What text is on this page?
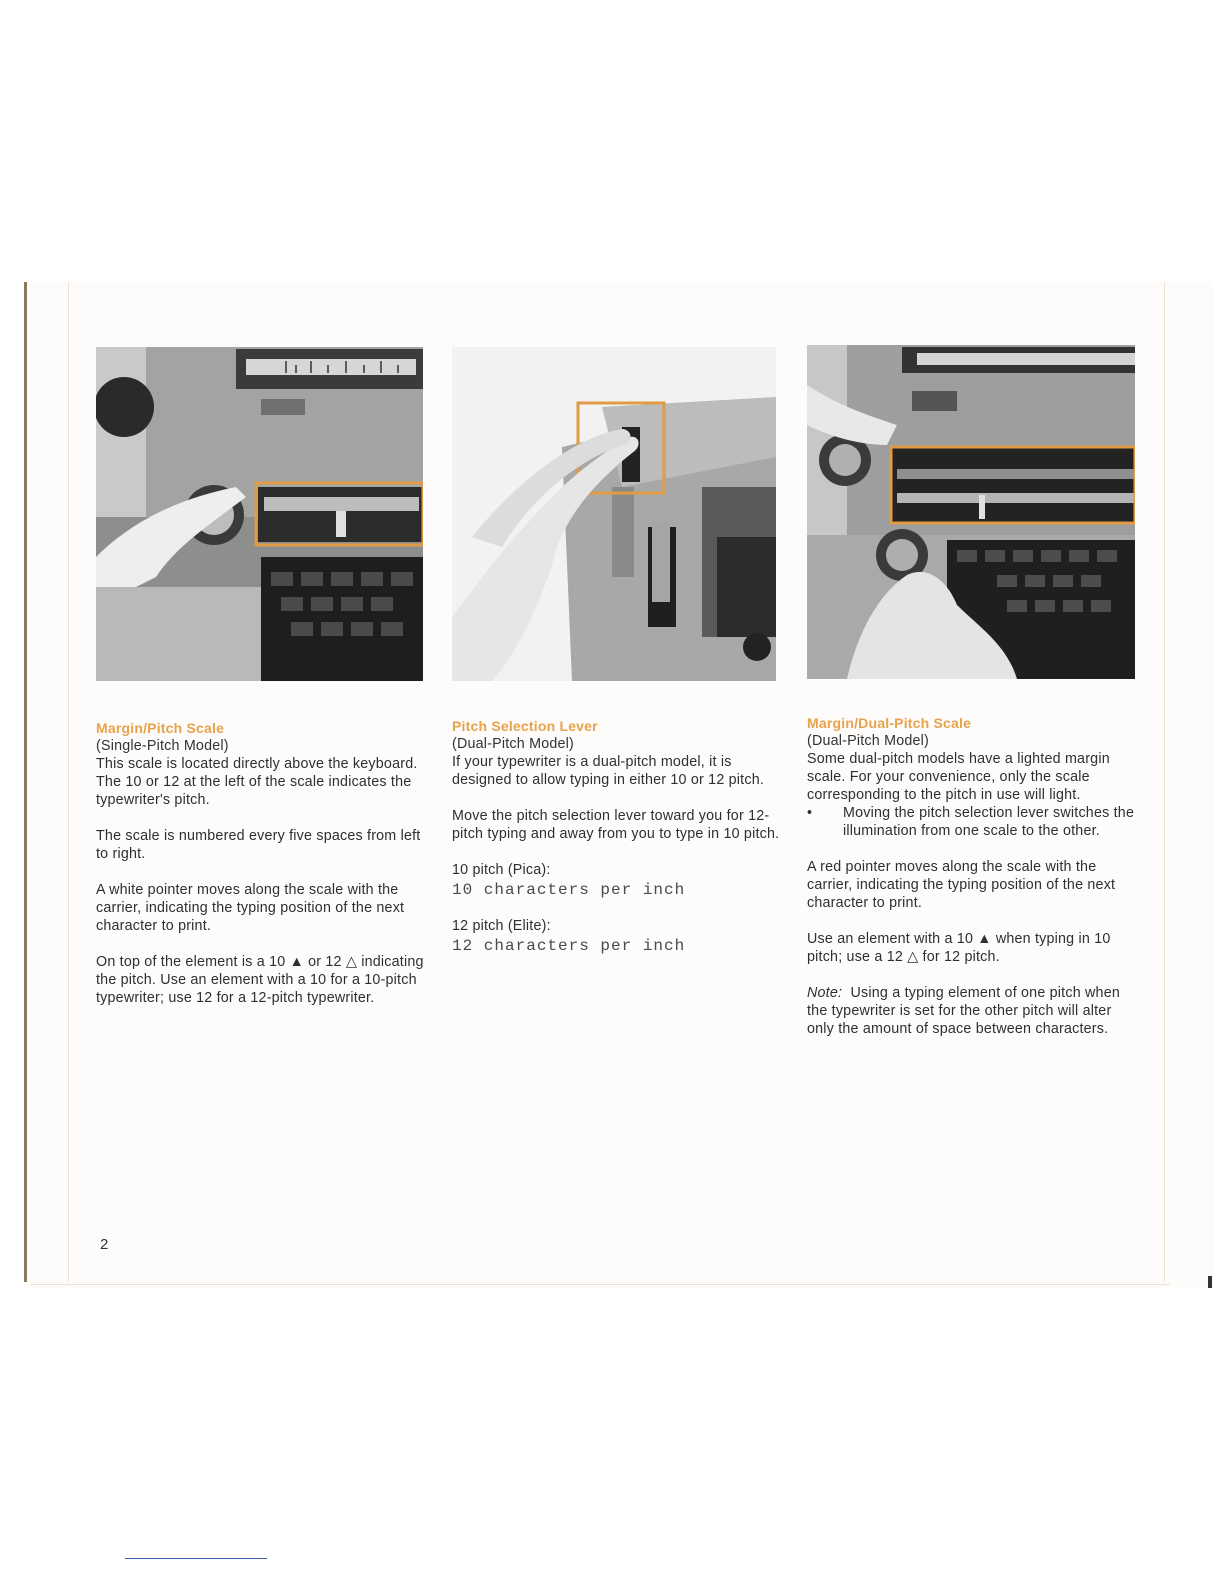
Margin/Pitch Scale
(Single-Pitch Model)

This scale is located directly above the keyboard. The 10 or 12 at the left of the scale indicates the typewriter's pitch.

The scale is numbered every five spaces from left to right.

A white pointer moves along the scale with the carrier, indicating the typing position of the next character to print.

On top of the element is a 10 ▲ or 12 △ indicating the pitch. Use an element with a 10 for a 10-pitch typewriter; use 12 for a 12-pitch typewriter.

Pitch Selection Lever
(Dual-Pitch Model)

If your typewriter is a dual-pitch model, it is designed to allow typing in either 10 or 12 pitch.

Move the pitch selection lever toward you for 12-pitch typing and away from you to type in 10 pitch.

10 pitch (Pica):
10 characters per inch
12 pitch (Elite):
12 characters per inch
Margin/Dual-Pitch Scale
(Dual-Pitch Model)

Some dual-pitch models have a lighted margin scale. For your convenience, only the scale corresponding to the pitch in use will light.

•	Moving the pitch selection lever switches the illumination from one scale to the other.

A red pointer moves along the scale with the carrier, indicating the typing position of the next character to print.

Use an element with a 10 ▲ when typing in 10 pitch; use a 12 △ for 12 pitch.

Note: Using a typing element of one pitch when the typewriter is set for the other pitch will alter only the amount of space between characters.

2
